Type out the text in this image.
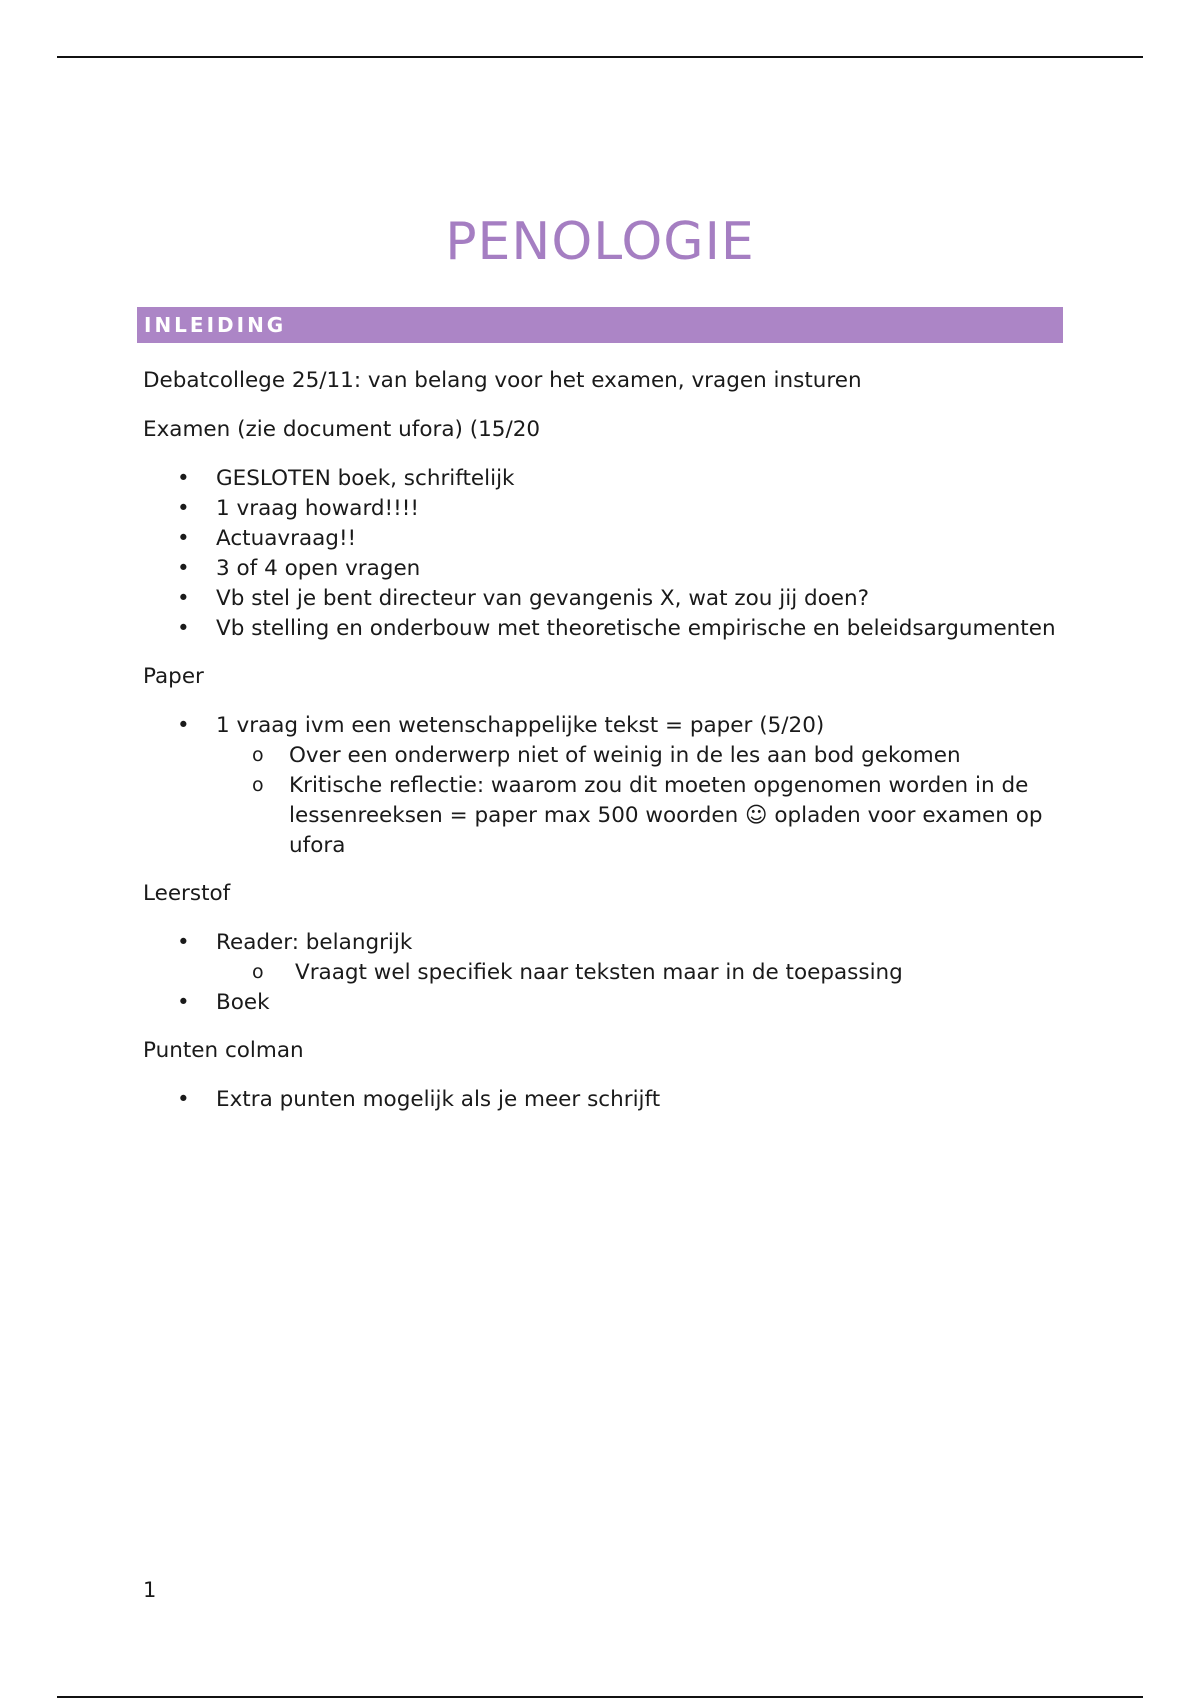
PENOLOGIE
INLEIDING

Debatcollege 25/11: van belang voor het examen, vragen insturen

Examen (zie document ufora) (15/20

• GESLOTEN boek, schriftelijk
• 1 vraag howard!!!!
• Actuavraag!!
• 3 of 4 open vragen
• Vb stel je bent directeur van gevangenis X, wat zou jij doen?
• Vb stelling en onderbouw met theoretische empirische en beleidsargumenten

Paper

• 1 vraag ivm een wetenschappelijke tekst = paper (5/20)
o Over een onderwerp niet of weinig in de les aan bod gekomen
o Kritische reflectie: waarom zou dit moeten opgenomen worden in de lessenreeksen = paper max 500 woorden ☺ opladen voor examen op ufora

Leerstof

• Reader: belangrijk
o Vraagt wel specifiek naar teksten maar in de toepassing
• Boek

Punten colman

• Extra punten mogelijk als je meer schrijft
1
